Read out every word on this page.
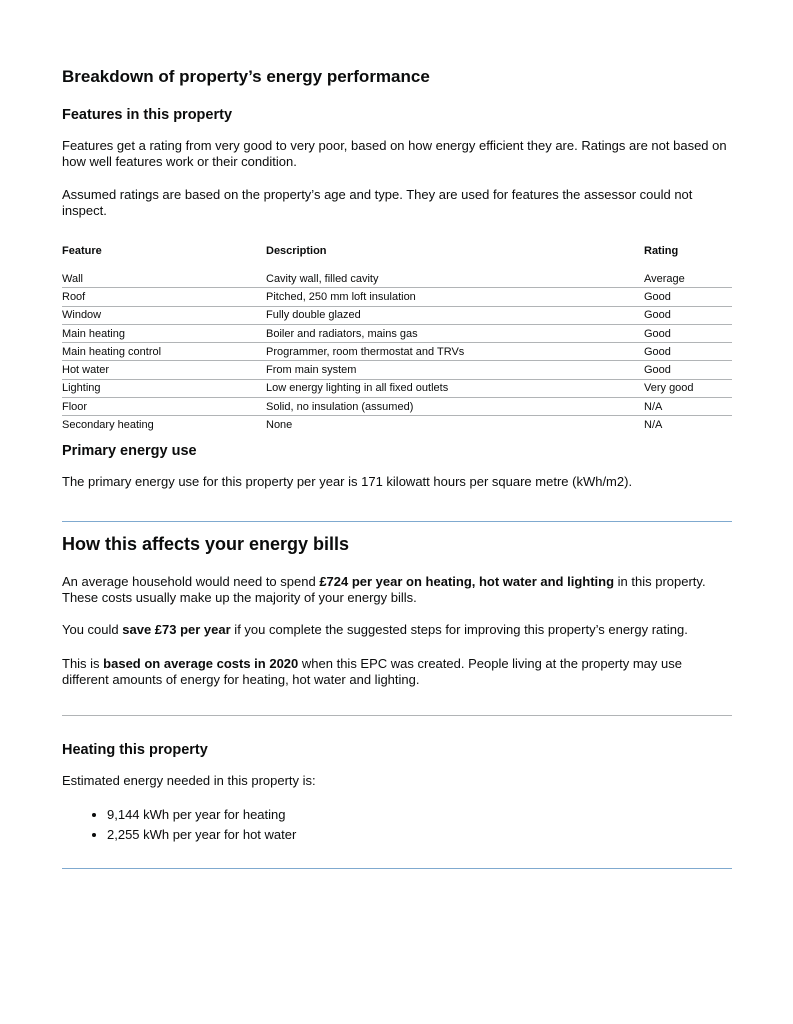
Breakdown of property’s energy performance
Features in this property

Features get a rating from very good to very poor, based on how energy efficient they are. Ratings are not based on how well features work or their condition.

Assumed ratings are based on the property’s age and type. They are used for features the assessor could not inspect.

Feature	Description	Rating

Wall	Cavity wall, filled cavity	Average
Roof	Pitched, 250 mm loft insulation	Good
Window	Fully double glazed	Good
Main heating	Boiler and radiators, mains gas	Good
Main heating control	Programmer, room thermostat and TRVs	Good
Hot water	From main system	Good
Lighting	Low energy lighting in all fixed outlets	Very good
Floor	Solid, no insulation (assumed)	N/A
Secondary heating	None	N/A
Primary energy use

The primary energy use for this property per year is 171 kilowatt hours per square metre (kWh/m2).

How this affects your energy bills

An average household would need to spend £724 per year on heating, hot water and lighting in this property. These costs usually make up the majority of your energy bills.

You could save £73 per year if you complete the suggested steps for improving this property’s energy rating.

This is based on average costs in 2020 when this EPC was created. People living at the property may use different amounts of energy for heating, hot water and lighting.

Heating this property

Estimated energy needed in this property is:

• 9,144 kWh per year for heating
• 2,255 kWh per year for hot water
